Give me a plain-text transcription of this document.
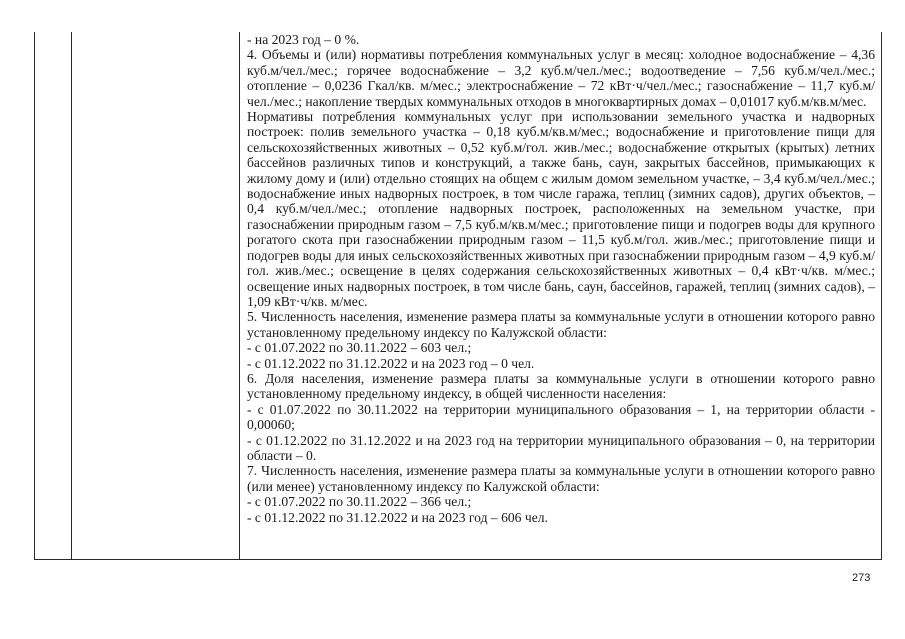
- на 2023 год – 0 %.

4. Объемы и (или) нормативы потребления коммунальных услуг в месяц: холодное водоснабжение – 4,36 куб.м/чел./мес.; горячее водоснабжение – 3,2 куб.м/чел./мес.; водоотведение – 7,56 куб.м/чел./мес.; отопление – 0,0236 Гкал/кв. м/мес.; электроснабжение – 72 кВт·ч/чел./мес.; газоснабжение – 11,7 куб.м/чел./мес.; накопление твердых коммунальных отходов в многоквартирных домах – 0,01017 куб.м/кв.м/мес.

Нормативы потребления коммунальных услуг при использовании земельного участка и надворных построек: полив земельного участка – 0,18 куб.м/кв.м/мес.; водоснабжение и приготовление пищи для сельскохозяйственных животных – 0,52 куб.м/гол. жив./мес.; водоснабжение открытых (крытых) летних бассейнов различных типов и конструкций, а также бань, саун, закрытых бассейнов, примыкающих к жилому дому и (или) отдельно стоящих на общем с жилым домом земельном участке, – 3,4 куб.м/чел./мес.; водоснабжение иных надворных построек, в том числе гаража, теплиц (зимних садов), других объектов, – 0,4 куб.м/чел./мес.; отопление надворных построек, расположенных на земельном участке, при газоснабжении природным газом – 7,5 куб.м/кв.м/мес.; приготовление пищи и подогрев воды для крупного рогатого скота при газоснабжении природным газом – 11,5 куб.м/гол. жив./мес.; приготовление пищи и подогрев воды для иных сельскохозяйственных животных при газоснабжении природным газом – 4,9 куб.м/гол. жив./мес.; освещение в целях содержания сельскохозяйственных животных – 0,4 кВт·ч/кв. м/мес.; освещение иных надворных построек, в том числе бань, саун, бассейнов, гаражей, теплиц (зимних садов), – 1,09 кВт·ч/кв. м/мес.

5. Численность населения, изменение размера платы за коммунальные услуги в отношении которого равно установленному предельному индексу по Калужской области:

- с 01.07.2022 по 30.11.2022 – 603 чел.;

- с 01.12.2022 по 31.12.2022 и на 2023 год – 0 чел.

6. Доля населения, изменение размера платы за коммунальные услуги в отношении которого равно установленному предельному индексу, в общей численности населения:

- с 01.07.2022 по 30.11.2022 на территории муниципального образования – 1, на территории области - 0,00060;

- с 01.12.2022 по 31.12.2022 и на 2023 год на территории муниципального образования – 0, на территории области – 0.

7. Численность населения, изменение размера платы за коммунальные услуги в отношении которого равно (или менее) установленному индексу по Калужской области:

- с 01.07.2022 по 30.11.2022 – 366 чел.;

- с 01.12.2022 по 31.12.2022 и на 2023 год – 606 чел.

273
